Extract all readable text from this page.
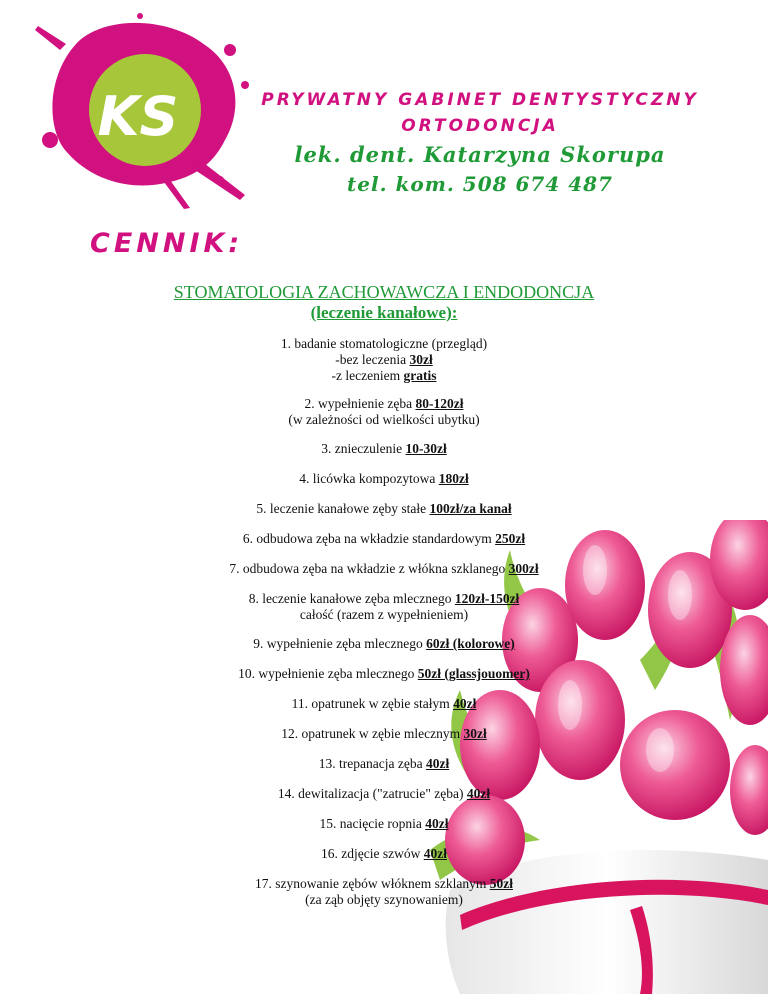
KS	PRYWATNY GABINET DENTYSTYCZNY
ORTODONCJA
lek. dent. Katarzyna Skorupa
tel. kom. 508 674 487
CENNIK:
STOMATOLOGIA ZACHOWAWCZA I ENDODONCJA
(leczenie kanałowe):
1. badanie stomatologiczne (przegląd)
-bez leczenia 30zł
-z leczeniem gratis
2. wypełnienie zęba 80-120zł
(w zależności od wielkości ubytku)
3. znieczulenie 10-30zł
4. licówka kompozytowa 180zł
5. leczenie kanałowe zęby stałe 100zł/za kanał
6. odbudowa zęba na wkładzie standardowym 250zł
7. odbudowa zęba na wkładzie z włókna szklanego 300zł
8. leczenie kanałowe zęba mlecznego 120zł-150zł
całość (razem z wypełnieniem)
9. wypełnienie zęba mlecznego 60zł (kolorowe)
10. wypełnienie zęba mlecznego 50zł (glassjouomer)
11. opatrunek w zębie stałym 40zł
12. opatrunek w zębie mlecznym 30zł
13. trepanacja zęba 40zł
14. dewitalizacja ("zatrucie" zęba) 40zł
15. nacięcie ropnia 40zł
16. zdjęcie szwów 40zł
17. szynowanie zębów włóknem szklanym 50zł
(za ząb objęty szynowaniem)
